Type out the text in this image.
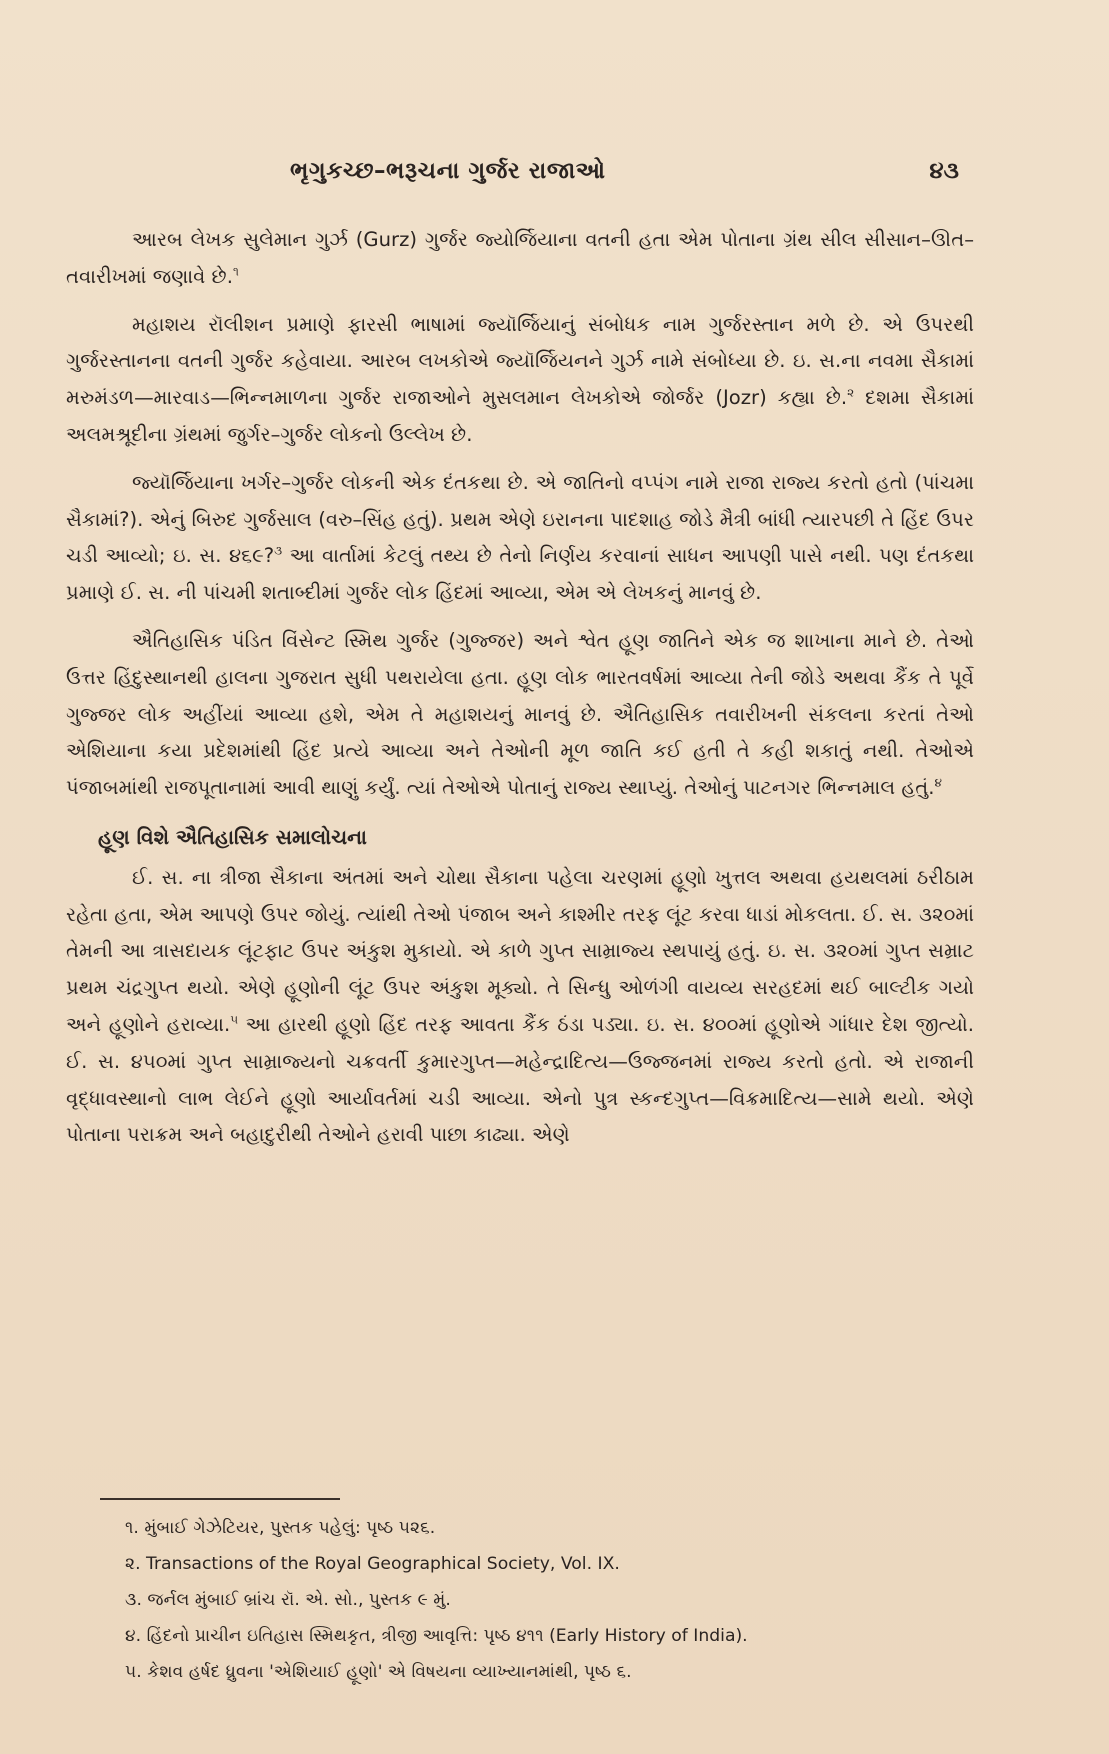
ભૃગુકચ્છ–ભરૂચના ગુર્જર રાજાઓ	૪૩

આરબ લેખક સુલેમાન ગુર્ઝ (Gurz) ગુર્જર જ્યોર્જિયાના વતની હતા એમ પોતાના ગ્રંથ સીલ સીસાન–ઊત–તવારીખમાં જણાવે છે.$^૧$

મહાશય રૉલીશન પ્રમાણે ફારસી ભાષામાં જ્યૉર્જિયાનું સંબોધક નામ ગુર્જરસ્તાન મળે છે. એ ઉપરથી ગુર્જરસ્તાનના વતની ગુર્જર કહેવાયા. આરબ લખકોએ જ્યૉર્જિયનને ગુર્ઝ નામે સંબોધ્યા છે. ઇ. સ.ના નવમા સૈકામાં મરુમંડળ—મારવાડ—ભિન્નમાળના ગુર્જર રાજાઓને મુસલમાન લેખકોએ જોર્જર (Jozr) કહ્યા છે.$^૨$ દશમા સૈકામાં અલમશ્રૂદીના ગ્રંથમાં જુર્ગર–ગુર્જર લોકનો ઉલ્લેખ છે.

જ્યૉર્જિયાના ખર્ગર–ગુર્જર લોકની એક દંતકથા છે. એ જાતિનો વપ્પંગ નામે રાજા રાજ્ય કરતો હતો (પાંચમા સૈકામાં?). એનું બિરુદ ગુર્જસાલ (વરુ–સિંહ હતું). પ્રથમ એણે ઇરાનના પાદશાહ જોડે મૈત્રી બાંધી ત્યારપછી તે હિંદ ઉપર ચડી આવ્યો; ઇ. સ. ૪૬૯?$^૩$ આ વાર્તામાં કેટલું તથ્ય છે તેનો નિર્ણય કરવાનાં સાધન આપણી પાસે નથી. પણ દંતકથા પ્રમાણે ઈ. સ. ની પાંચમી શતાબ્દીમાં ગુર્જર લોક હિંદમાં આવ્યા, એમ એ લેખકનું માનવું છે.

ઐતિહાસિક પંડિત વિંસેન્ટ સ્મિથ ગુર્જર (ગુજ્જર) અને શ્વેત હૂણ જાતિને એક જ શાખાના માને છે. તેઓ ઉત્તર હિંદુસ્થાનથી હાલના ગુજરાત સુધી પથરાયેલા હતા. હૂણ લોક ભારતવર્ષમાં આવ્યા તેની જોડે અથવા કૈંક તે પૂર્વે ગુજ્જર લોક અહીંયાં આવ્યા હશે, એમ તે મહાશયનું માનવું છે. ઐતિહાસિક તવારીખની સંકલના કરતાં તેઓ એશિયાના કયા પ્રદેશમાંથી હિંદ પ્રત્યે આવ્યા અને તેઓની મૂળ જાતિ કઈ હતી તે કહી શકાતું નથી. તેઓએ પંજાબમાંથી રાજપૂતાનામાં આવી થાણું કર્યું. ત્યાં તેઓએ પોતાનું રાજ્ય સ્થાપ્યું. તેઓનું પાટનગર ભિન્નમાલ હતું.$^૪$

હૂણ વિશે ઐતિહાસિક સમાલોચના

ઈ. સ. ના ત્રીજા સૈકાના અંતમાં અને ચોથા સૈકાના પહેલા ચરણમાં હૂણો ખુત્તલ અથવા હયથલમાં ઠરીઠામ રહેતા હતા, એમ આપણે ઉપર જોયું. ત્યાંથી તેઓ પંજાબ અને કાશ્મીર તરફ લૂંટ કરવા ધાડાં મોકલતા. ઈ. સ. ૩૨૦માં તેમની આ ત્રાસદાયક લૂંટફાટ ઉપર અંકુશ મુકાયો. એ કાળે ગુપ્ત સામ્રાજ્ય સ્થપાયું હતું. ઇ. સ. ૩૨૦માં ગુપ્ત સમ્રાટ પ્રથમ ચંદ્રગુપ્ત થયો. એણે હૂણોની લૂંટ ઉપર અંકુશ મૂક્યો. તે સિન્ધુ ઓળંગી વાયવ્ય સરહદમાં થઈ બાલ્ટીક ગયો અને હૂણોને હરાવ્યા.$^૫$ આ હારથી હૂણો હિંદ તરફ આવતા કૈંક ઠંડા પડ્યા. ઇ. સ. ૪૦૦માં હૂણોએ ગાંધાર દેશ જીત્યો. ઈ. સ. ૪૫૦માં ગુપ્ત સામ્રાજ્યનો ચક્રવર્તી કુમારગુપ્ત—મહેન્દ્રાદિત્ય—ઉજ્જનમાં રાજ્ય કરતો હતો. એ રાજાની વૃદ્ધાવસ્થાનો લાભ લેઈને હૂણો આર્યાવર્તમાં ચડી આવ્યા. એનો પુત્ર સ્કન્દગુપ્ત—વિક્રમાદિત્ય—સામે થયો. એણે પોતાના પરાક્રમ અને બહાદુરીથી તેઓને હરાવી પાછા કાઢ્યા. એણે

૧. મુંબાઈ ગેઝેટિયર, પુસ્તક પહેલું: પૃષ્ઠ ૫૨૬.

૨. Transactions of the Royal Geographical Society, Vol. IX.

૩. જર્નલ મુંબાઈ બ્રાંચ રૉ. એ. સો., પુસ્તક ૯ મું.

૪. હિંદનો પ્રાચીન ઇતિહાસ સ્મિથકૃત, ત્રીજી આવૃત્તિ: પૃષ્ઠ ૪૧૧ (Early History of India).

૫. કેશવ હર્ષદ ધ્રુવના 'એશિયાઈ હૂણો' એ વિષયના વ્યાખ્યાનમાંથી, પૃષ્ઠ ૬.
